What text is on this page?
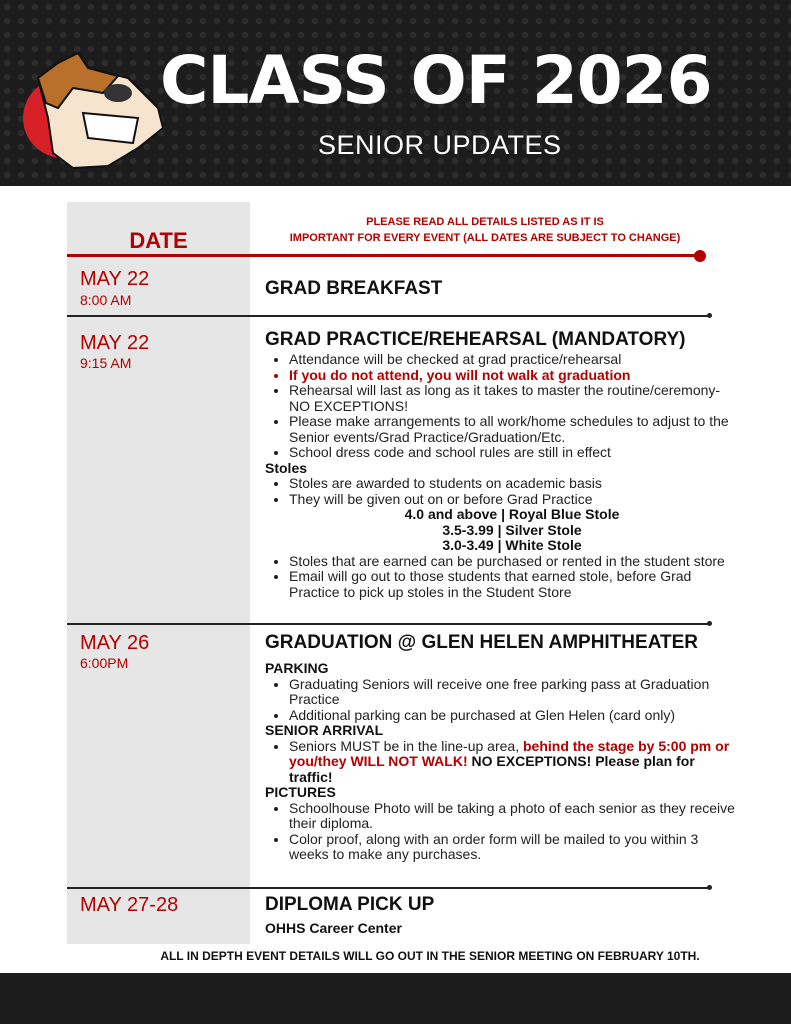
CLASS OF 2026
SENIOR UPDATES
DATE
PLEASE READ ALL DETAILS LISTED AS IT IS
IMPORTANT FOR EVERY EVENT (ALL DATES ARE SUBJECT TO CHANGE)
MAY 22
8:00 AM
GRAD BREAKFAST
MAY 22
9:15 AM
GRAD PRACTICE/REHEARSAL (MANDATORY)
• Attendance will be checked at grad practice/rehearsal
• If you do not attend, you will not walk at graduation
• Rehearsal will last as long as it takes to master the routine/ceremony- NO EXCEPTIONS!
• Please make arrangements to all work/home schedules to adjust to the Senior events/Grad Practice/Graduation/Etc.
• School dress code and school rules are still in effect
Stoles
• Stoles are awarded to students on academic basis
• They will be given out on or before Grad Practice
4.0 and above | Royal Blue Stole
3.5-3.99 | Silver Stole
3.0-3.49 | White Stole
• Stoles that are earned can be purchased or rented in the student store
• Email will go out to those students that earned stole, before Grad Practice to pick up stoles in the Student Store
MAY 26
6:00PM
GRADUATION @ GLEN HELEN AMPHITHEATER
PARKING
• Graduating Seniors will receive one free parking pass at Graduation Practice
• Additional parking can be purchased at Glen Helen (card only)
SENIOR ARRIVAL
• Seniors MUST be in the line-up area, behind the stage by 5:00 pm or you/they WILL NOT WALK! NO EXCEPTIONS! Please plan for traffic!
PICTURES
• Schoolhouse Photo will be taking a photo of each senior as they receive their diploma.
• Color proof, along with an order form will be mailed to you within 3 weeks to make any purchases.
MAY 27-28	DIPLOMA PICK UP
OHHS Career Center
ALL IN DEPTH EVENT DETAILS WILL GO OUT IN THE SENIOR MEETING ON FEBRUARY 10TH.
